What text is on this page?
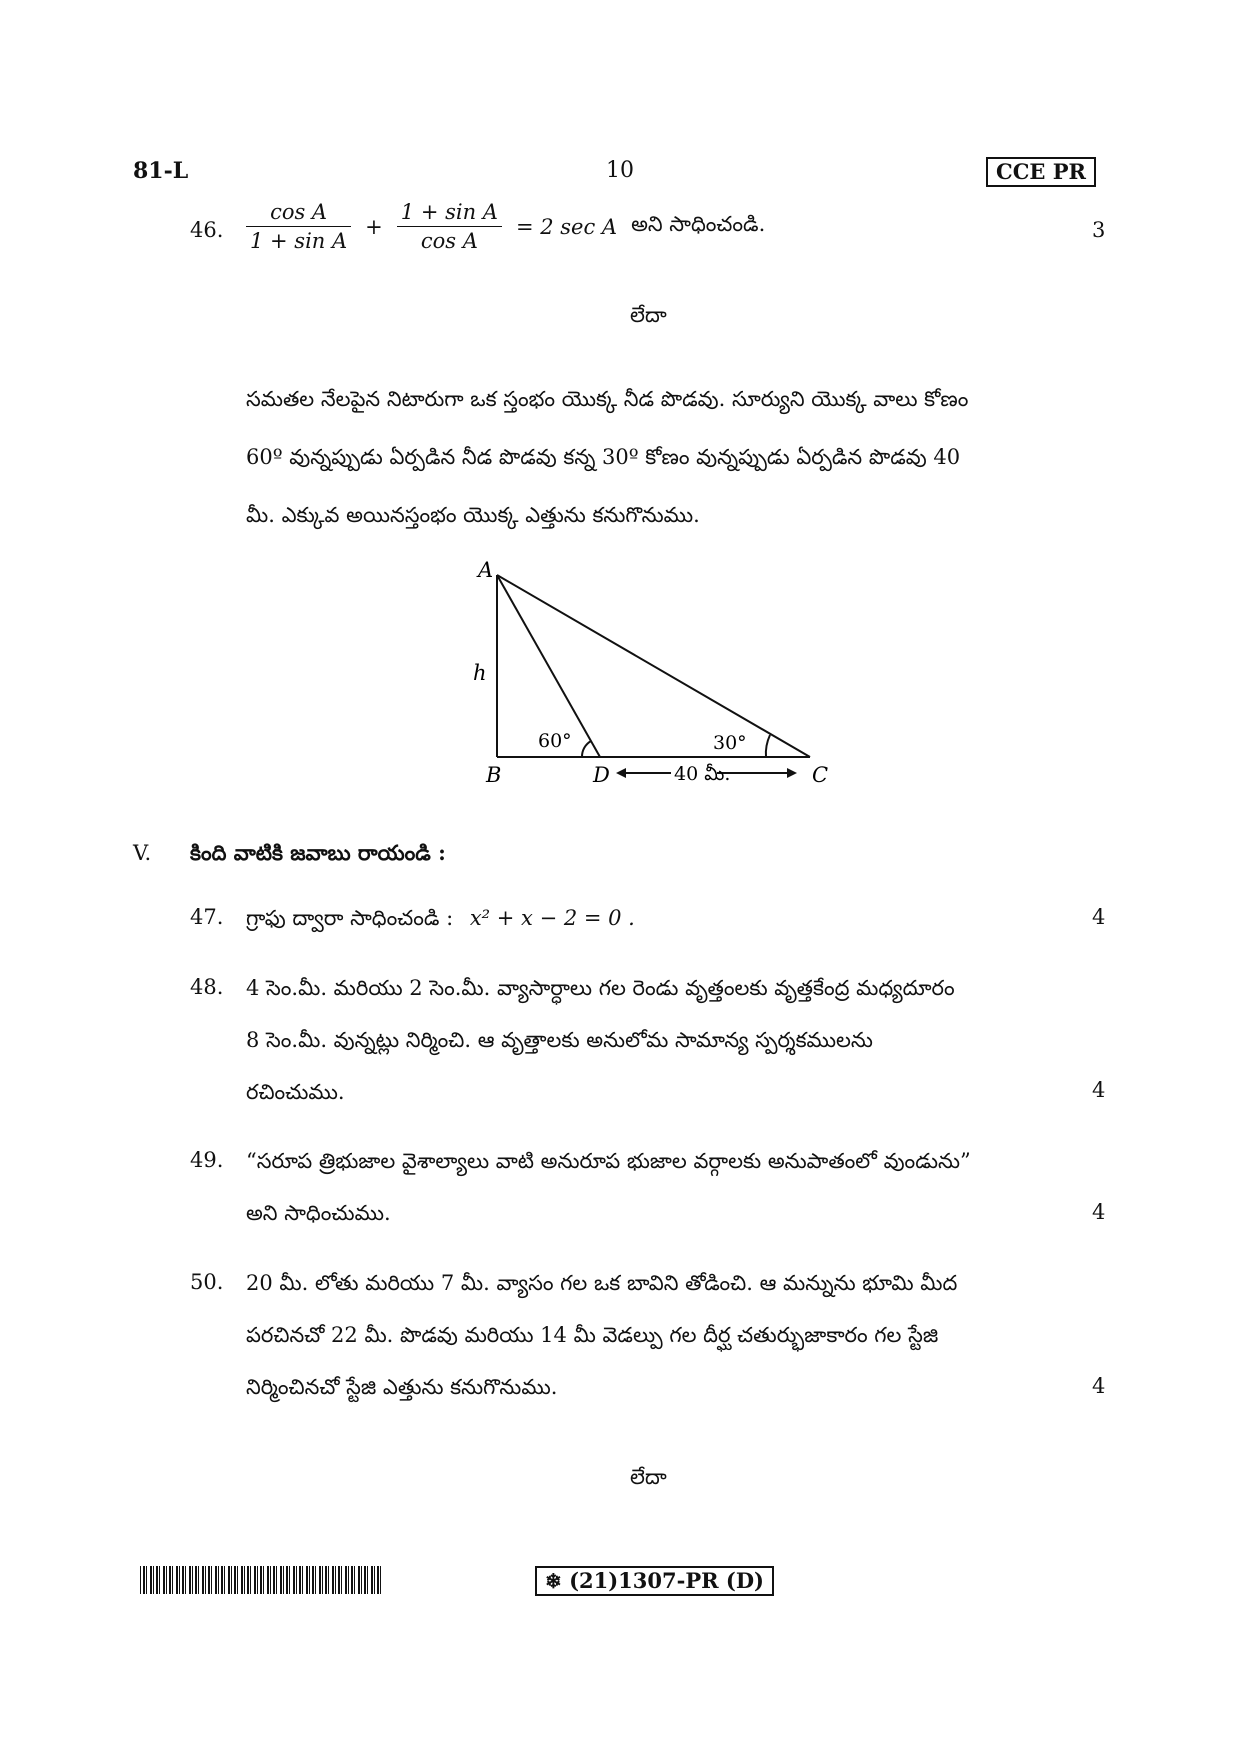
81-L	10	CCE PR
46. $\frac{\text{cos A}}{\text{1 + sin A}} + \frac{\text{1 + sin A}}{\text{cos A}} = 2$ sec A అని సాధించండి.	3
లేదా
సమతల నేలపైన నిటారుగా ఒక స్తంభం యొక్క నీడ పొడవు. సూర్యుని యొక్క వాలు కోణం
60º వున్నప్పుడు ఏర్పడిన నీడ పొడవు కన్న 30º కోణం వున్నప్పుడు ఏర్పడిన పొడవు 40
మీ. ఎక్కువ అయినస్తంభం యొక్క ఎత్తును కనుగొనుము.
A
B	C
D
h
60°	30°
40 మీ.
V. కింది వాటికి జవాబు రాయండి :
47. గ్రాఫు ద్వారా సాధించండి : x² + x − 2 = 0 .	4
48. 4 సెం.మీ. మరియు 2 సెం.మీ. వ్యాసార్ధాలు గల రెండు వృత్తంలకు వృత్తకేంద్ర మధ్యదూరం
8 సెం.మీ. వున్నట్లు నిర్మించి. ఆ వృత్తాలకు అనులోమ సామాన్య స్పర్శకములను
రచించుము.	4
49. “సరూప త్రిభుజాల వైశాల్యాలు వాటి అనురూప భుజాల వర్గాలకు అనుపాతంలో వుండును”
అని సాధించుము.	4
50. 20 మీ. లోతు మరియు 7 మీ. వ్యాసం గల ఒక బావిని తోడించి. ఆ మన్నును భూమి మీద
పరచినచో 22 మీ. పొడవు మరియు 14 మీ వెడల్పు గల దీర్ఘ చతుర్భుజాకారం గల స్టేజి
నిర్మించినచో స్టేజి ఎత్తును కనుగొనుము.	4
లేదా
❄ (21)1307-PR (D)
